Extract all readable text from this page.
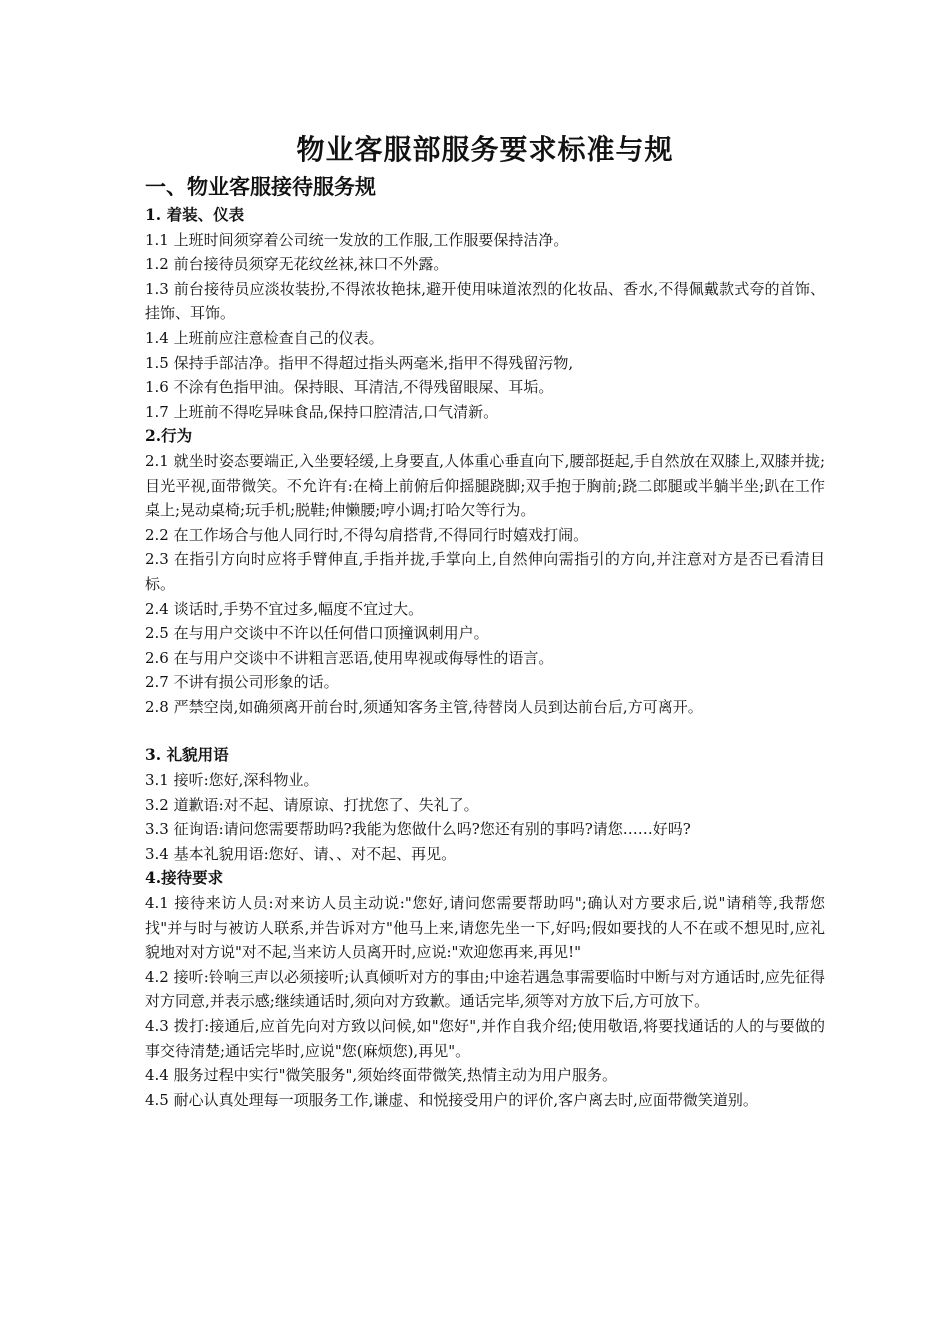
物业客服部服务要求标准与规
一、物业客服接待服务规
1. 着装、仪表

1.1 上班时间须穿着公司统一发放的工作服,工作服要保持洁净。

1.2 前台接待员须穿无花纹丝袜,袜口不外露。

1.3 前台接待员应淡妆装扮,不得浓妆艳抹,避开使用味道浓烈的化妆品、香水,不得佩戴款式夸的首饰、挂饰、耳饰。

1.4 上班前应注意检查自己的仪表。

1.5 保持手部洁净。指甲不得超过指头两毫米,指甲不得残留污物,

1.6 不涂有色指甲油。保持眼、耳清洁,不得残留眼屎、耳垢。

1.7 上班前不得吃异味食品,保持口腔清洁,口气清新。

2.行为

2.1 就坐时姿态要端正,入坐要轻缓,上身要直,人体重心垂直向下,腰部挺起,手自然放在双膝上,双膝并拢;目光平视,面带微笑。不允许有:在椅上前俯后仰摇腿跷脚;双手抱于胸前;跷二郎腿或半躺半坐;趴在工作桌上;晃动桌椅;玩手机;脱鞋;伸懒腰;哼小调;打哈欠等行为。

2.2 在工作场合与他人同行时,不得勾肩搭背,不得同行时嬉戏打闹。

2.3 在指引方向时应将手臂伸直,手指并拢,手掌向上,自然伸向需指引的方向,并注意对方是否已看清目标。

2.4 谈话时,手势不宜过多,幅度不宜过大。

2.5 在与用户交谈中不许以任何借口顶撞讽刺用户。

2.6 在与用户交谈中不讲粗言恶语,使用卑视或侮辱性的语言。

2.7 不讲有损公司形象的话。

2.8 严禁空岗,如确须离开前台时,须通知客务主管,待替岗人员到达前台后,方可离开。

3. 礼貌用语

3.1 接听:您好,深科物业。

3.2 道歉语:对不起、请原谅、打扰您了、失礼了。

3.3 征询语:请问您需要帮助吗?我能为您做什么吗?您还有别的事吗?请您……好吗?

3.4 基本礼貌用语:您好、请、、对不起、再见。

4.接待要求

4.1 接待来访人员:对来访人员主动说:"您好,请问您需要帮助吗";确认对方要求后,说"请稍等,我帮您找"并与时与被访人联系,并告诉对方"他马上来,请您先坐一下,好吗;假如要找的人不在或不想见时,应礼貌地对对方说"对不起,当来访人员离开时,应说:"欢迎您再来,再见!"

4.2 接听:铃响三声以必须接听;认真倾听对方的事由;中途若遇急事需要临时中断与对方通话时,应先征得对方同意,并表示感;继续通话时,须向对方致歉。通话完毕,须等对方放下后,方可放下。

4.3 拨打:接通后,应首先向对方致以问候,如"您好",并作自我介绍;使用敬语,将要找通话的人的与要做的事交待清楚;通话完毕时,应说"您(麻烦您),再见"。

4.4 服务过程中实行"微笑服务",须始终面带微笑,热情主动为用户服务。

4.5 耐心认真处理每一项服务工作,谦虚、和悦接受用户的评价,客户离去时,应面带微笑道别。
